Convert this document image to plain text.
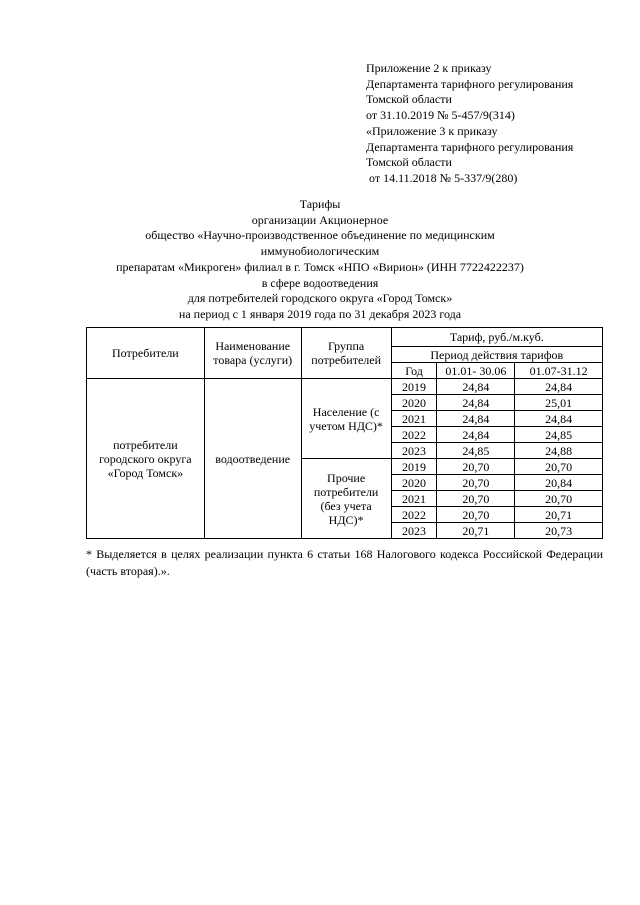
Приложение 2 к приказу
Департамента тарифного регулирования
Томской области
от 31.10.2019 № 5-457/9(314)
«Приложение 3 к приказу
Департамента тарифного регулирования
Томской области
от 14.11.2018 № 5-337/9(280)
Тарифы
организации Акционерное
общество «Научно-производственное объединение по медицинским
иммунобиологическим
препаратам «Микроген» филиал в г. Томск «НПО «Вирион» (ИНН 7722422237)
в сфере водоотведения
для потребителей городского округа «Город Томск»
на период с 1 января 2019 года по 31 декабря 2023 года
Потребители	Наименование товара (услуги)	Группа потребителей	Тариф, руб./м.куб.		
			Период действия тарифов		
			Год	01.01- 30.06	01.07-31.12
потребители городского округа «Город Томск»	водоотведение	Население (с учетом НДС)*	2019	24,84	24,84
			2020	24,84	25,01
			2021	24,84	24,84
			2022	24,84	24,85
			2023	24,85	24,88
		Прочие потребители (без учета НДС)*	2019	20,70	20,70
			2020	20,70	20,84
			2021	20,70	20,70
			2022	20,70	20,71
			2023	20,71	20,73
* Выделяется в целях реализации пункта 6 статьи 168 Налогового кодекса Российской Федерации (часть вторая).».
